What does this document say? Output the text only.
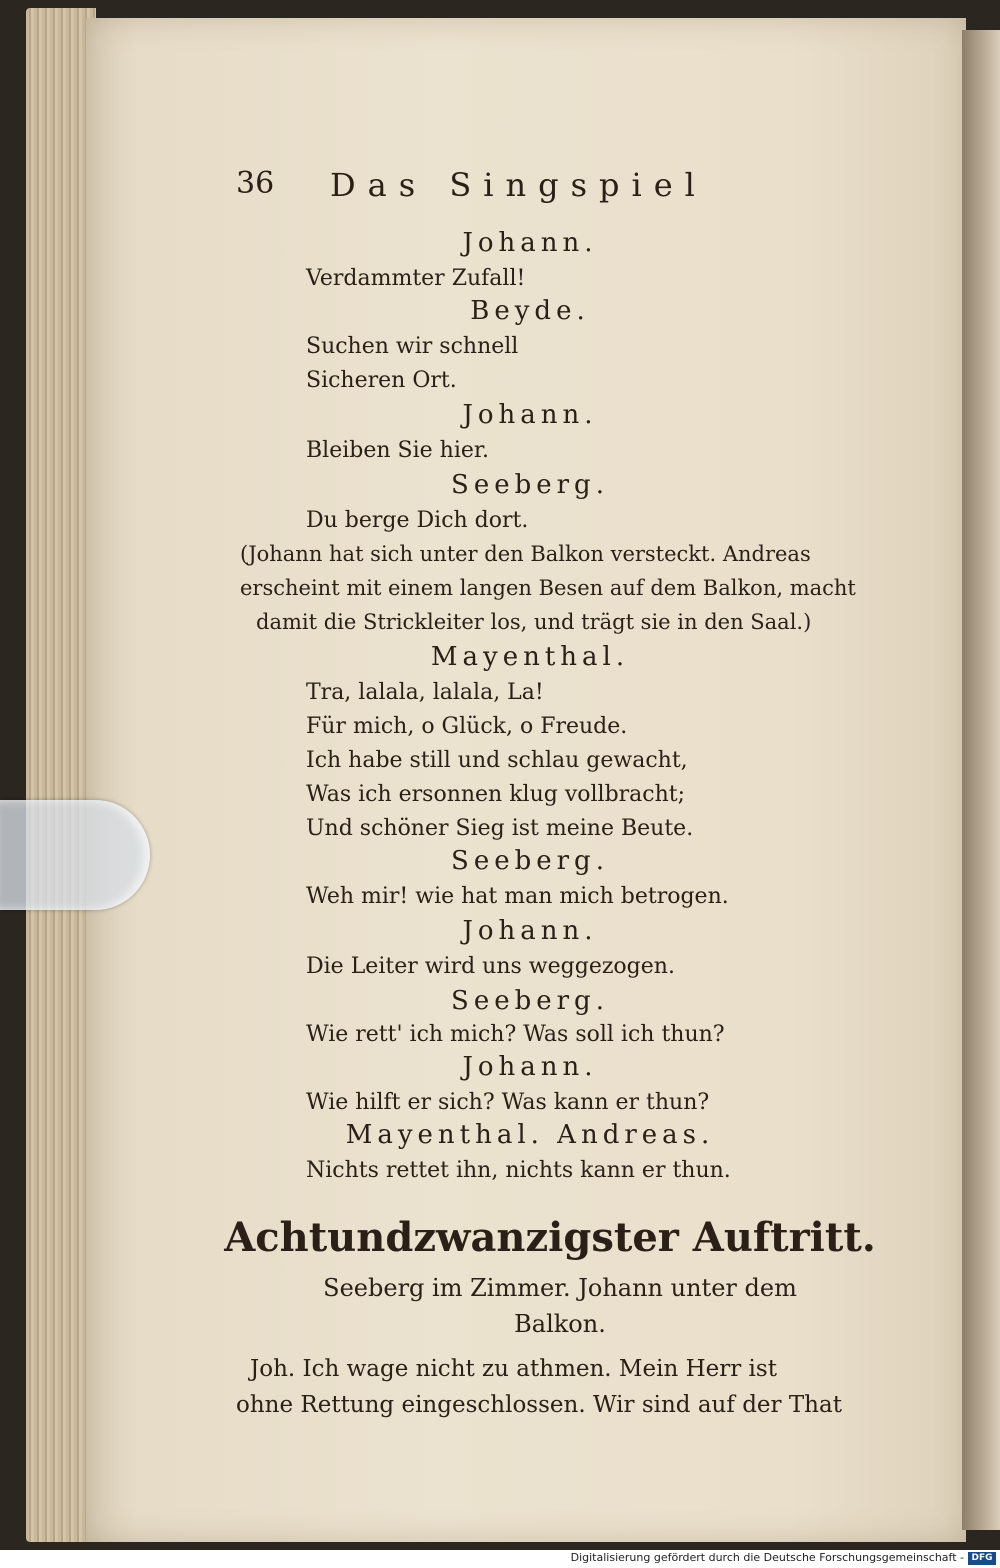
36 Das Singspiel
Johann.
Verdammter Zufall!
Beyde.
Suchen wir schnell
Sicheren Ort.
Johann.
Bleiben Sie hier.
Seeberg.
Du berge Dich dort.
(Johann hat sich unter den Balkon versteckt. Andreas
erscheint mit einem langen Besen auf dem Balkon, macht
damit die Strickleiter los, und trägt sie in den Saal.)
Mayenthal.
Tra, lalala, lalala, La!
Für mich, o Glück, o Freude.
Ich habe still und schlau gewacht,
Was ich ersonnen klug vollbracht;
Und schöner Sieg ist meine Beute.
Seeberg.
Weh mir! wie hat man mich betrogen.
Johann.
Die Leiter wird uns weggezogen.
Seeberg.
Wie rett' ich mich? Was soll ich thun?
Johann.
Wie hilft er sich? Was kann er thun?
Mayenthal. Andreas.
Nichts rettet ihn, nichts kann er thun.
Achtundzwanzigster Auftritt.
Seeberg im Zimmer. Johann unter dem
Balkon.
Joh. Ich wage nicht zu athmen. Mein Herr ist
ohne Rettung eingeschlossen. Wir sind auf der That
Digitalisierung gefördert durch die Deutsche Forschungsgemeinschaft - DFG
